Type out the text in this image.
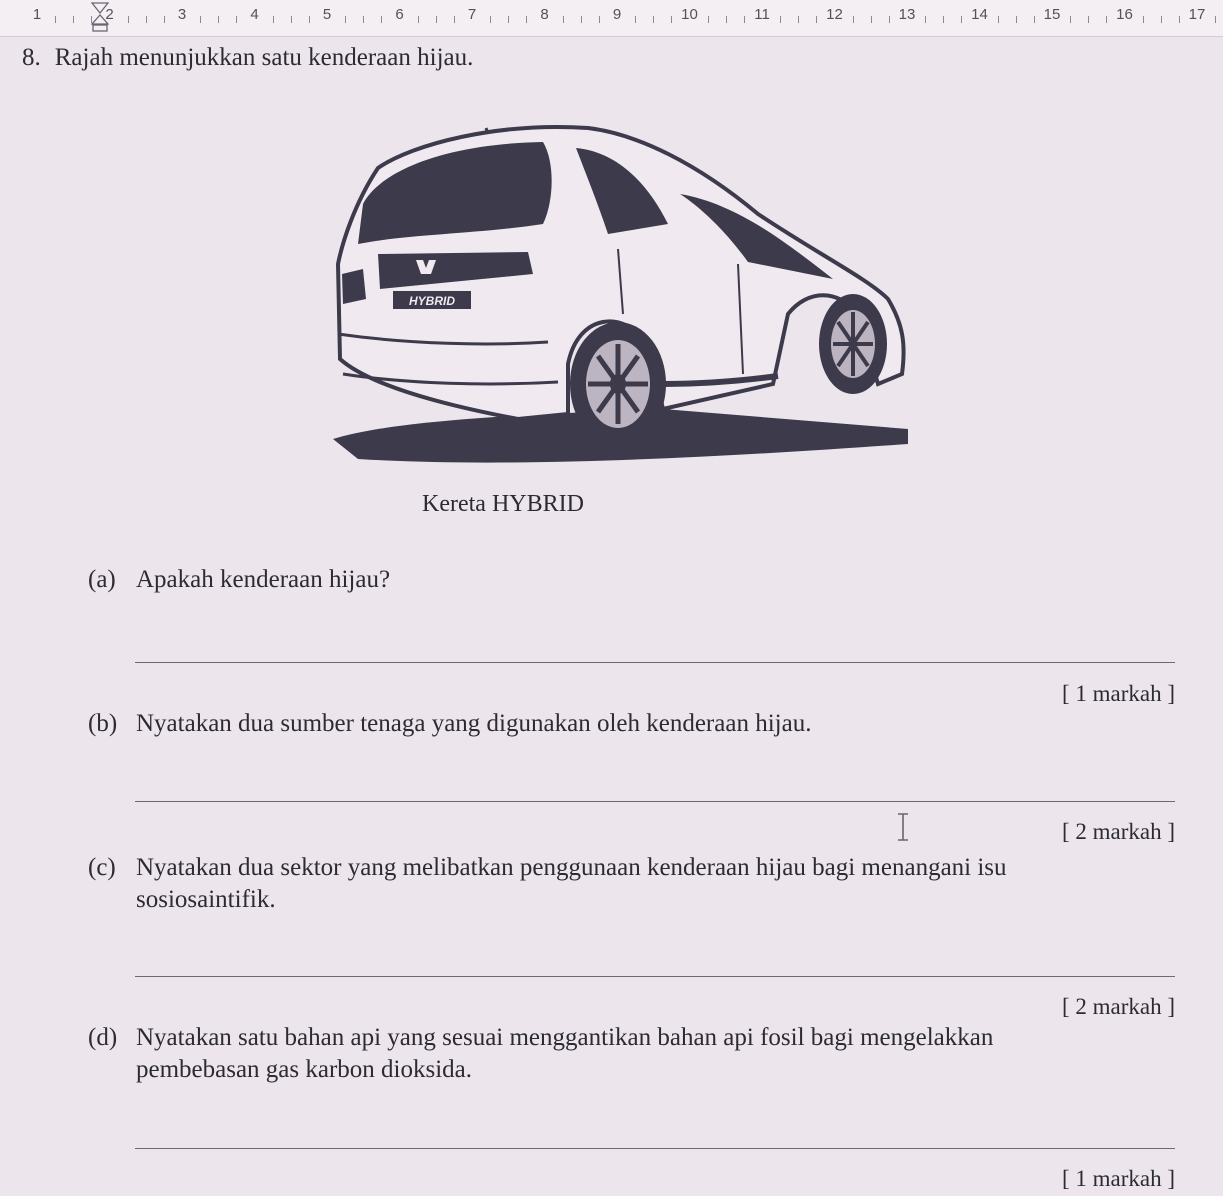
1	2	3	4	5	6	7	8	9	10	11	12	13	14	15	16	17
8. Rajah menunjukkan satu kenderaan hijau.
HYBRID
Kereta HYBRID
(a) Apakah kenderaan hijau?
[ 1 markah ]
(b) Nyatakan dua sumber tenaga yang digunakan oleh kenderaan hijau.
[ 2 markah ]
(c) Nyatakan dua sektor yang melibatkan penggunaan kenderaan hijau bagi menangani isu
sosiosaintifik.
[ 2 markah ]
(d) Nyatakan satu bahan api yang sesuai menggantikan bahan api fosil bagi mengelakkan
pembebasan gas karbon dioksida.
[ 1 markah ]
